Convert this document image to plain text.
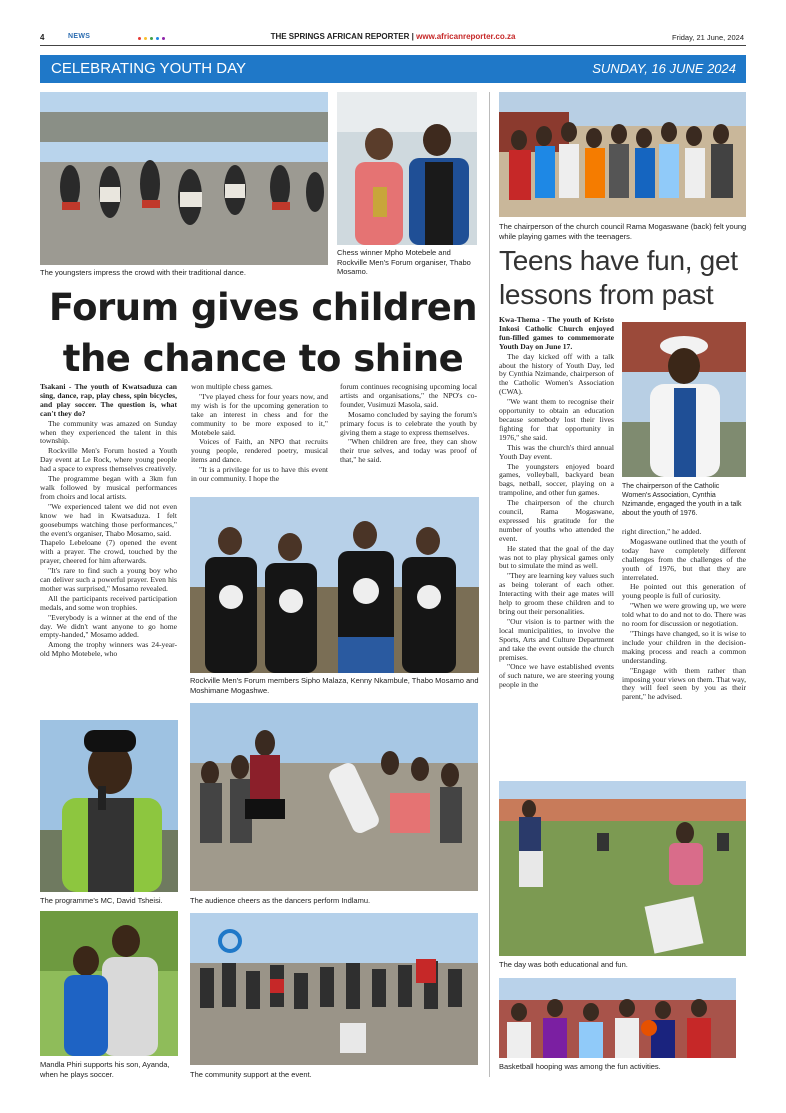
4	NEWS	THE SPRINGS AFRICAN REPORTER | www.africanreporter.co.za	Friday, 21 June, 2024
CELEBRATING YOUTH DAY	SUNDAY, 16 JUNE 2024
The youngsters impress the crowd with their traditional dance.
Chess winner Mpho Motebele and Rockville Men's Forum organiser, Thabo Mosamo.
Forum gives children
the chance to shine

Tsakani - The youth of Kwatsaduza can sing, dance, rap, play chess, spin bicycles, and play soccer. The question is, what can't they do?

The community was amazed on Sunday when they experienced the talent in this township.

Rockville Men's Forum hosted a Youth Day event at Le Rock, where young people had a space to express themselves creatively.

The programme began with a 3km fun walk followed by musical performances from choirs and local artists.

"We experienced talent we did not even know we had in Kwatsaduza. I felt goosebumps watching those performances," the event's organiser, Thabo Mosamo, said.

Thapelo Lebeloane (7) opened the event with a prayer. The crowd, touched by the prayer, cheered for him afterwards.

"It's rare to find such a young boy who can deliver such a powerful prayer. Even his mother was surprised," Mosamo revealed.

All the participants received participation medals, and some won trophies.

"Everybody is a winner at the end of the day. We didn't want anyone to go home empty-handed," Mosamo added.

Among the trophy winners was 24-year-old Mpho Motebele, who

won multiple chess games.

"I've played chess for four years now, and my wish is for the upcoming generation to take an interest in chess and for the community to be more exposed to it," Motebele said.

Voices of Faith, an NPO that recruits young people, rendered poetry, musical items and dance.

"It is a privilege for us to have this event in our community. I hope the

forum continues recognising upcoming local artists and organisations," the NPO's co-founder, Vusimuzi Masola, said.

Mosamo concluded by saying the forum's primary focus is to celebrate the youth by giving them a stage to express themselves.

"When children are free, they can show their true selves, and today was proof of that," he said.

Rockville Men's Forum members Sipho Malaza, Kenny Nkambule, Thabo Mosamo and Moshimane Mogashwe.
The programme's MC, David Tsheisi.	The audience cheers as the dancers perform Indlamu.
Mandla Phiri supports his son, Ayanda, when he plays soccer.	The community support at the event.
The chairperson of the church council Rama Mogaswane (back) felt young while playing games with the teenagers.
Teens have fun, get lessons from past

Kwa-Thema - The youth of Kristo Inkosi Catholic Church enjoyed fun-filled games to commemorate Youth Day on June 17.

The day kicked off with a talk about the history of Youth Day, led by Cynthia Nzimande, chairperson of the Catholic Women's Association (CWA).

"We want them to recognise their opportunity to obtain an education because somebody lost their lives fighting for that opportunity in 1976," she said.

This was the church's third annual Youth Day event.

The youngsters enjoyed board games, volleyball, backyard bean bags, netball, soccer, playing on a trampoline, and other fun games.

The chairperson of the church council, Rama Mogaswane, expressed his gratitude for the number of youths who attended the event.

He stated that the goal of the day was not to play physical games only but to simulate the mind as well.

"They are learning key values such as being tolerant of each other. Interacting with their age mates will help to groom these children and to bring out their personalities.

"Our vision is to partner with the local municipalities, to involve the Sports, Arts and Culture Department and take the event outside the church premises.

"Once we have established events of such nature, we are steering young people in the

The chairperson of the Catholic Women's Association, Cynthia Nzimande, engaged the youth in a talk about the youth of 1976.

right direction," he added.

Mogaswane outlined that the youth of today have completely different challenges from the challenges of the youth of 1976, but that they are interrelated.

He pointed out this generation of young people is full of curiosity.

"When we were growing up, we were told what to do and not to do. There was no room for discussion or negotiation.

"Things have changed, so it is wise to include your children in the decision-making process and reach a common understanding.

"Engage with them rather than imposing your views on them. That way, they will feel seen by you as their parent," he advised.

The day was both educational and fun.
Basketball hooping was among the fun activities.
